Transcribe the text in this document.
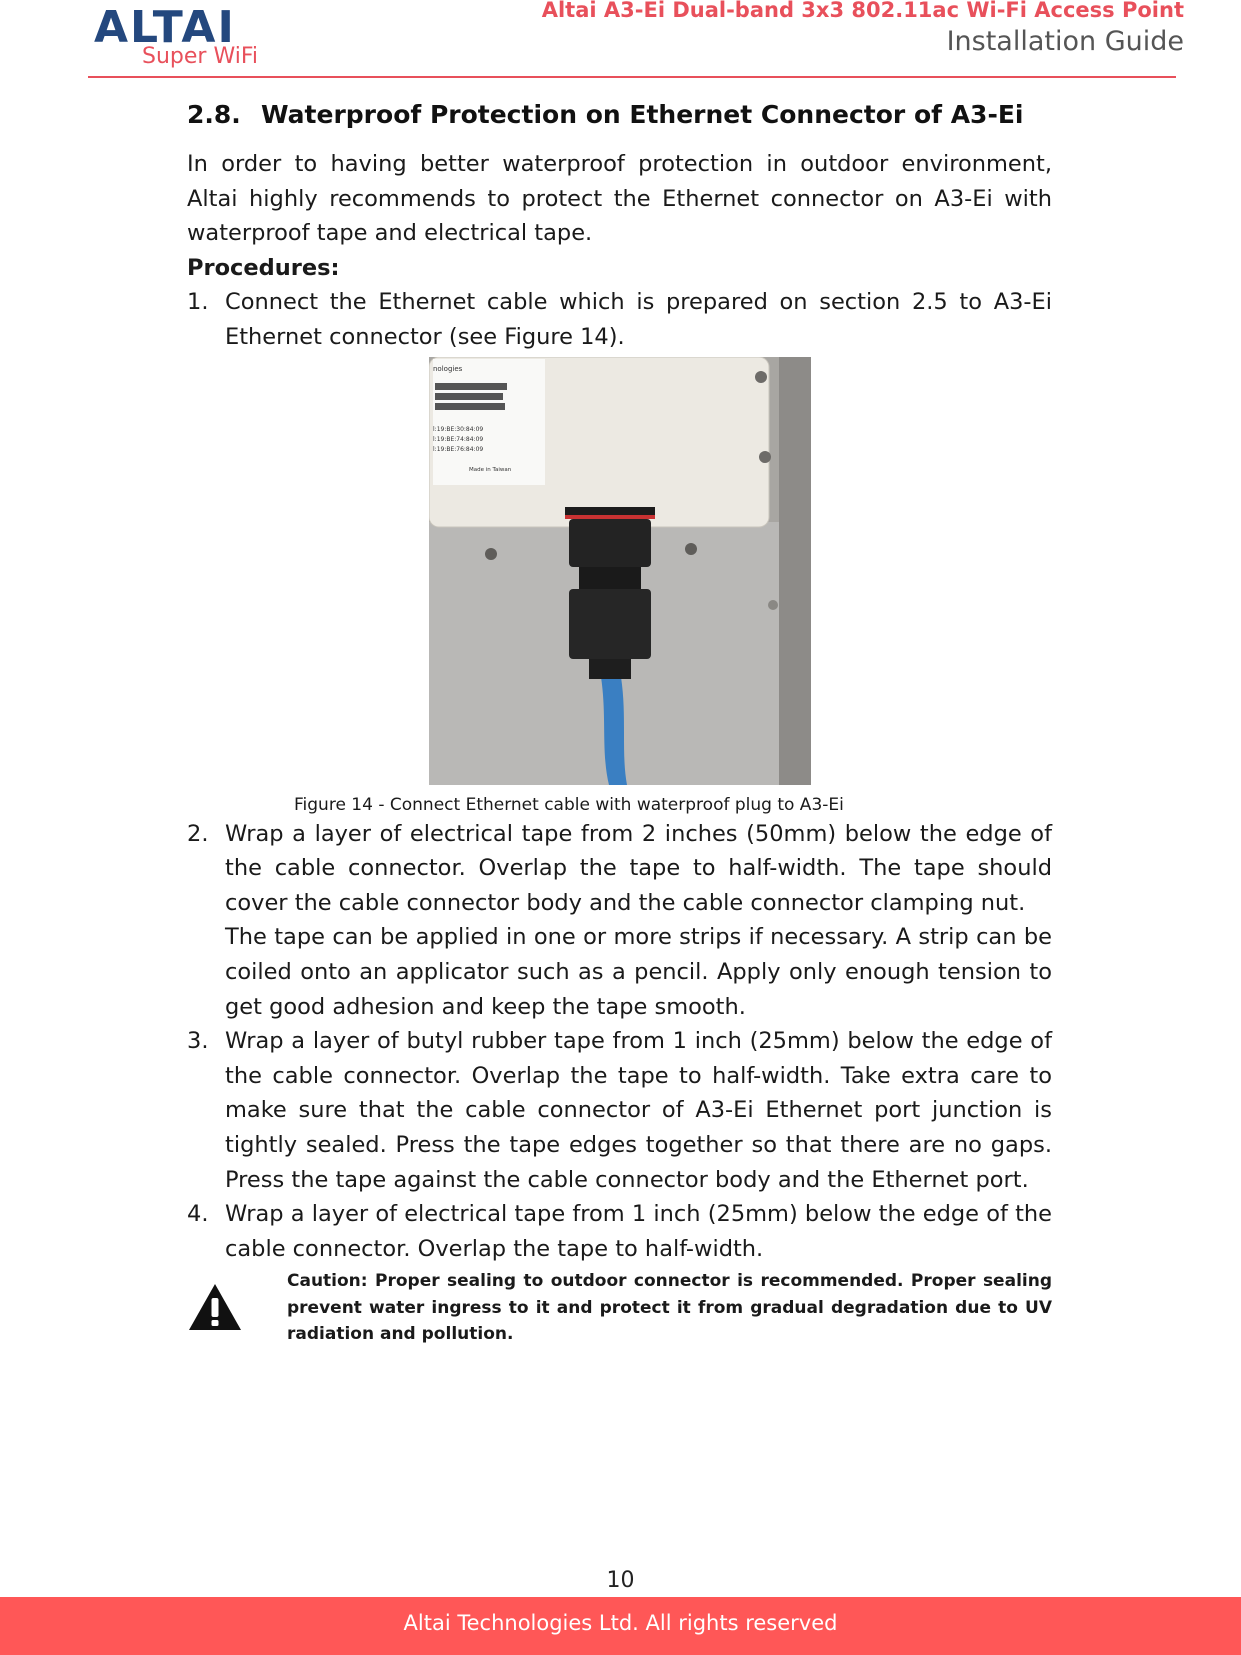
ALTAI
Super WiFi
Altai A3-Ei Dual-band 3x3 802.11ac Wi-Fi Access Point
Installation Guide
2.8. Waterproof Protection on Ethernet Connector of A3-Ei

In order to having better waterproof protection in outdoor environment, Altai highly recommends to protect the Ethernet connector on A3-Ei with waterproof tape and electrical tape.

Procedures:

1. Connect the Ethernet cable which is prepared on section 2.5 to A3-Ei Ethernet connector (see Figure 14).
nologies
l:19:BE:30:84:09
l:19:BE:74:84:09
l:19:BE:76:84:09
Made in Taiwan
Figure 14 - Connect Ethernet cable with waterproof plug to A3-Ei
2. Wrap a layer of electrical tape from 2 inches (50mm) below the edge of the cable connector. Overlap the tape to half-width. The tape should cover the cable connector body and the cable connector clamping nut.
The tape can be applied in one or more strips if necessary. A strip can be coiled onto an applicator such as a pencil. Apply only enough tension to get good adhesion and keep the tape smooth.
3. Wrap a layer of butyl rubber tape from 1 inch (25mm) below the edge of the cable connector. Overlap the tape to half-width. Take extra care to make sure that the cable connector of A3-Ei Ethernet port junction is tightly sealed. Press the tape edges together so that there are no gaps. Press the tape against the cable connector body and the Ethernet port.
4. Wrap a layer of electrical tape from 1 inch (25mm) below the edge of the cable connector. Overlap the tape to half-width.
Caution: Proper sealing to outdoor connector is recommended. Proper sealing prevent water ingress to it and protect it from gradual degradation due to UV radiation and pollution.
10
Altai Technologies Ltd. All rights reserved
